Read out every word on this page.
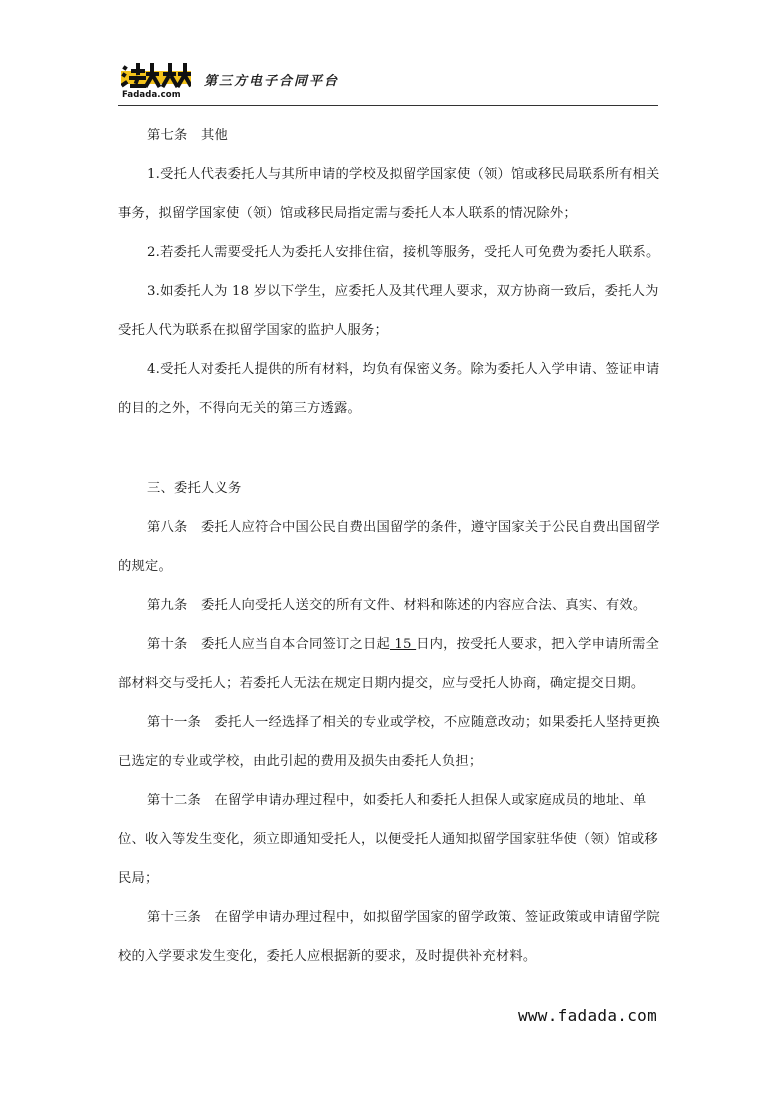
Fadada.com
第三方电子合同平台

第七条　其他

1.受托人代表委托人与其所申请的学校及拟留学国家使（领）馆或移民局联系所有相关事务，拟留学国家使（领）馆或移民局指定需与委托人本人联系的情况除外；

2.若委托人需要受托人为委托人安排住宿，接机等服务，受托人可免费为委托人联系。

3.如委托人为 18 岁以下学生，应委托人及其代理人要求，双方协商一致后，委托人为受托人代为联系在拟留学国家的监护人服务；

4.受托人对委托人提供的所有材料，均负有保密义务。除为委托人入学申请、签证申请的目的之外，不得向无关的第三方透露。

三、委托人义务

第八条　委托人应符合中国公民自费出国留学的条件，遵守国家关于公民自费出国留学的规定。

第九条　委托人向受托人送交的所有文件、材料和陈述的内容应合法、真实、有效。

第十条　委托人应当自本合同签订之日起 15 日内，按受托人要求，把入学申请所需全部材料交与受托人；若委托人无法在规定日期内提交，应与受托人协商，确定提交日期。

第十一条　委托人一经选择了相关的专业或学校，不应随意改动；如果委托人坚持更换已选定的专业或学校，由此引起的费用及损失由委托人负担；

第十二条　在留学申请办理过程中，如委托人和委托人担保人或家庭成员的地址、单位、收入等发生变化，须立即通知受托人，以便受托人通知拟留学国家驻华使（领）馆或移民局；

第十三条　在留学申请办理过程中，如拟留学国家的留学政策、签证政策或申请留学院校的入学要求发生变化，委托人应根据新的要求，及时提供补充材料。

www.fadada.com
